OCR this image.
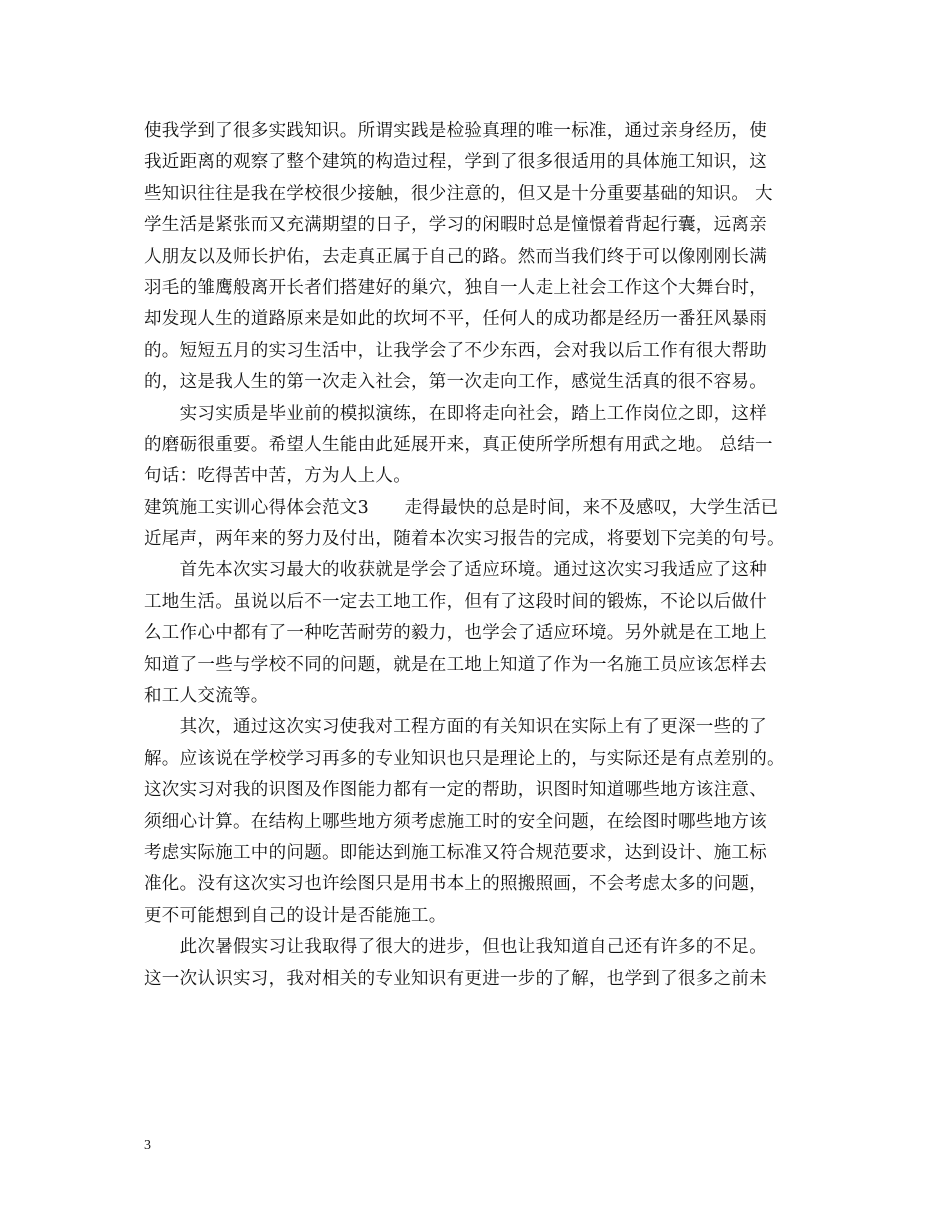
使我学到了很多实践知识。所谓实践是检验真理的唯一标准，通过亲身经历，使
我近距离的观察了整个建筑的构造过程，学到了很多很适用的具体施工知识，这
些知识往往是我在学校很少接触，很少注意的，但又是十分重要基础的知识。 大
学生活是紧张而又充满期望的日子，学习的闲暇时总是憧憬着背起行囊，远离亲
人朋友以及师长护佑，去走真正属于自己的路。然而当我们终于可以像刚刚长满
羽毛的雏鹰般离开长者们搭建好的巢穴，独自一人走上社会工作这个大舞台时，
却发现人生的道路原来是如此的坎坷不平，任何人的成功都是经历一番狂风暴雨
的。短短五月的实习生活中，让我学会了不少东西，会对我以后工作有很大帮助
的，这是我人生的第一次走入社会，第一次走向工作，感觉生活真的很不容易。
　　实习实质是毕业前的模拟演练，在即将走向社会，踏上工作岗位之即，这样
的磨砺很重要。希望人生能由此延展开来，真正使所学所想有用武之地。 总结一
句话：吃得苦中苦，方为人上人。
建筑施工实训心得体会范文3　　走得最快的总是时间，来不及感叹，大学生活已
近尾声，两年来的努力及付出，随着本次实习报告的完成，将要划下完美的句号。
　　首先本次实习最大的收获就是学会了适应环境。通过这次实习我适应了这种
工地生活。虽说以后不一定去工地工作，但有了这段时间的锻炼，不论以后做什
么工作心中都有了一种吃苦耐劳的毅力，也学会了适应环境。另外就是在工地上
知道了一些与学校不同的问题，就是在工地上知道了作为一名施工员应该怎样去
和工人交流等。
　　其次，通过这次实习使我对工程方面的有关知识在实际上有了更深一些的了
解。应该说在学校学习再多的专业知识也只是理论上的，与实际还是有点差别的。
这次实习对我的识图及作图能力都有一定的帮助，识图时知道哪些地方该注意、
须细心计算。在结构上哪些地方须考虑施工时的安全问题，在绘图时哪些地方该
考虑实际施工中的问题。即能达到施工标准又符合规范要求，达到设计、施工标
准化。没有这次实习也许绘图只是用书本上的照搬照画，不会考虑太多的问题，
更不可能想到自己的设计是否能施工。
　　此次暑假实习让我取得了很大的进步，但也让我知道自己还有许多的不足。
这一次认识实习，我对相关的专业知识有更进一步的了解，也学到了很多之前未
3
